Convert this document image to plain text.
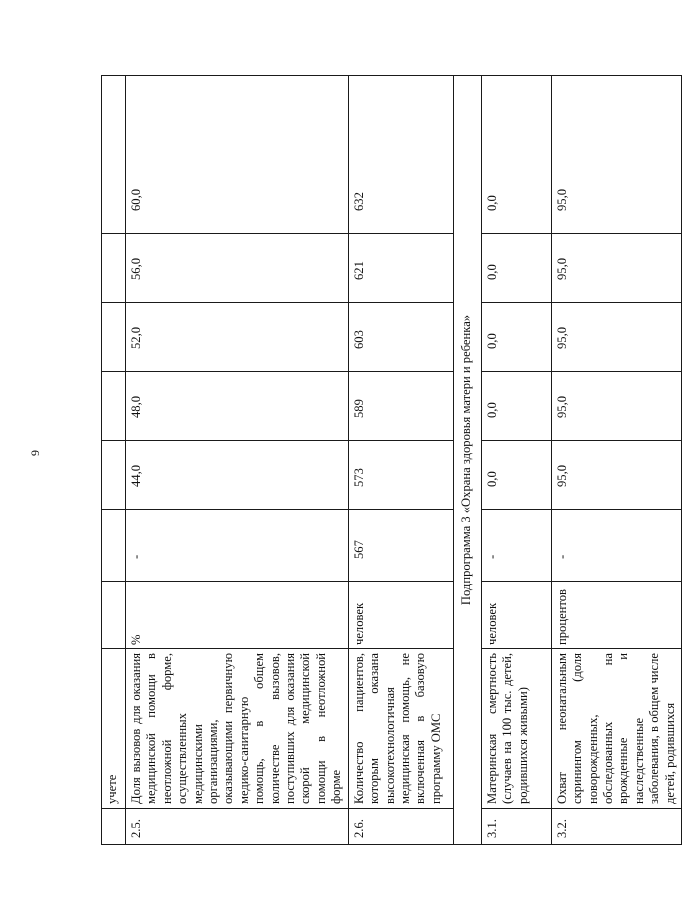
9
	учете							
2.5.	Доля вызовов для оказания медицинской помощи в неотложной форме, осуществленных медицинскими организациями, оказывающими первичную медико-санитарную помощь, в общем количестве вызовов, поступивших для оказания скорой медицинской помощи в неотложной форме	%	-	44,0	48,0	52,0	56,0	60,0
2.6.	Количество пациентов, которым оказана высокотехнологичная медицинская помощь, не включенная в базовую программу ОМС	человек	567	573	589	603	621	632
Подпрограмма 3 «Охрана здоровья матери и ребенка»								
3.1.	Материнская смертность (случаев на 100 тыс. детей, родившихся живыми)	человек	-	0,0	0,0	0,0	0,0	0,0
3.2.	Охват неонатальным скринингом (доля новорожденных, обследованных на врожденные и наследственные заболевания, в общем числе детей, родившихся	процентов	-	95,0	95,0	95,0	95,0	95,0
